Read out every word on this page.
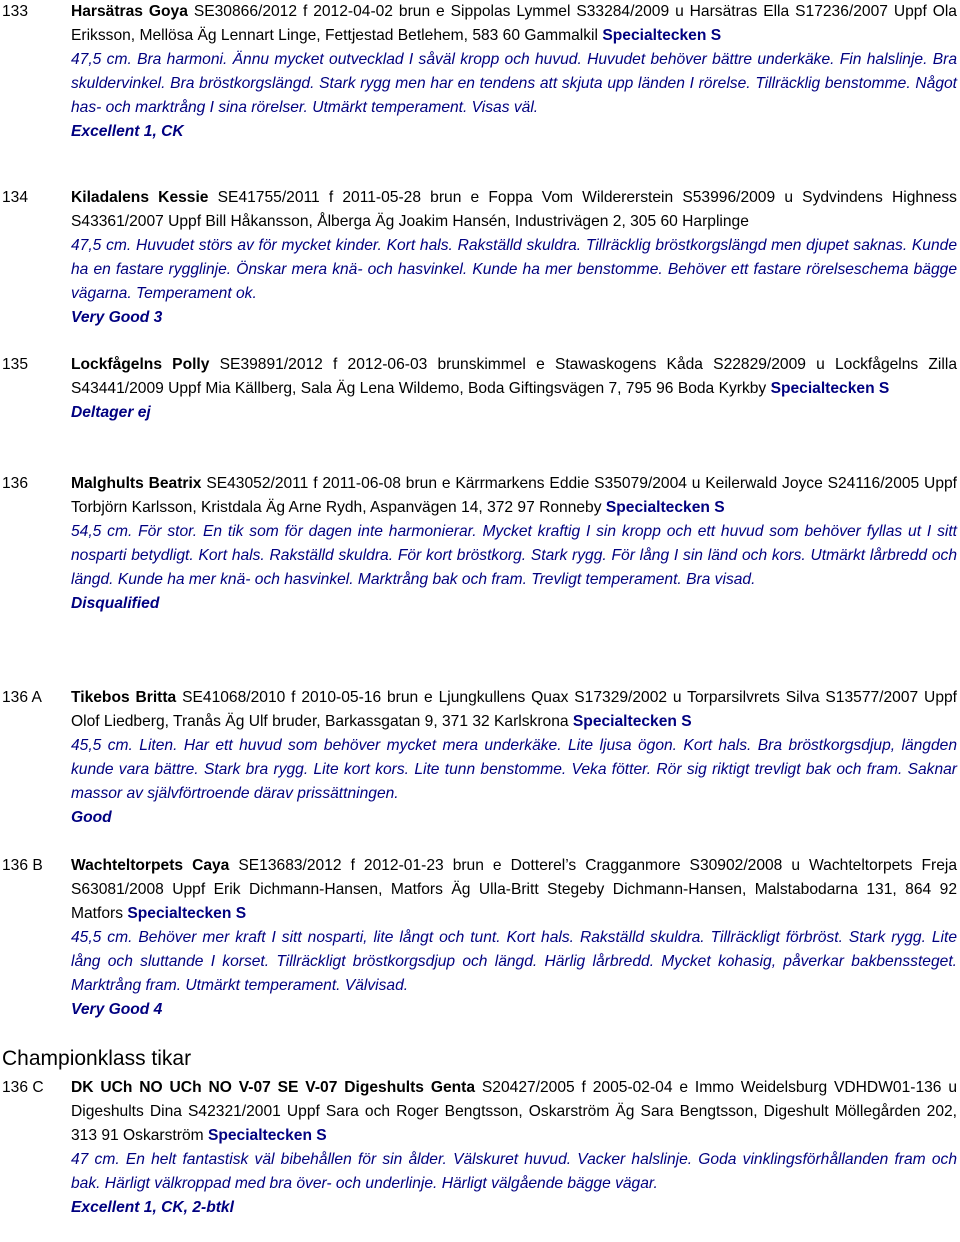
133	Harsätras Goya SE30866/2012 f 2012-04-02 brun e Sippolas Lymmel S33284/2009 u Harsätras Ella S17236/2007 Uppf Ola Eriksson, Mellösa Äg Lennart Linge, Fettjestad Betlehem, 583 60 Gammalkil Specialtecken S

47,5 cm. Bra harmoni. Ännu mycket outvecklad I såväl kropp och huvud. Huvudet behöver bättre underkäke. Fin halslinje. Bra skuldervinkel. Bra bröstkorgslängd. Stark rygg men har en tendens att skjuta upp länden I rörelse. Tillräcklig benstomme. Något has- och marktrång I sina rörelser. Utmärkt temperament. Visas väl.

Excellent 1, CK

134	Kiladalens Kessie SE41755/2011 f 2011-05-28 brun e Foppa Vom Wildererstein S53996/2009 u Sydvindens Highness S43361/2007 Uppf Bill Håkansson, Ålberga Äg Joakim Hansén, Industrivägen 2, 305 60 Harplinge

47,5 cm. Huvudet störs av för mycket kinder. Kort hals. Rakställd skuldra. Tillräcklig bröstkorgslängd men djupet saknas. Kunde ha en fastare rygglinje. Önskar mera knä- och hasvinkel. Kunde ha mer benstomme. Behöver ett fastare rörelseschema bägge vägarna. Temperament ok.

Very Good 3

135	Lockfågelns Polly SE39891/2012 f 2012-06-03 brunskimmel e Stawaskogens Kåda S22829/2009 u Lockfågelns Zilla S43441/2009 Uppf Mia Källberg, Sala Äg Lena Wildemo, Boda Giftingsvägen 7, 795 96 Boda Kyrkby Specialtecken S

Deltager ej

136	Malghults Beatrix SE43052/2011 f 2011-06-08 brun e Kärrmarkens Eddie S35079/2004 u Keilerwald Joyce S24116/2005 Uppf Torbjörn Karlsson, Kristdala Äg Arne Rydh, Aspanvägen 14, 372 97 Ronneby Specialtecken S

54,5 cm. För stor. En tik som för dagen inte harmonierar. Mycket kraftig I sin kropp och ett huvud som behöver fyllas ut I sitt nosparti betydligt. Kort hals. Rakställd skuldra. För kort bröstkorg. Stark rygg. För lång I sin länd och kors. Utmärkt lårbredd och längd. Kunde ha mer knä- och hasvinkel. Marktrång bak och fram. Trevligt temperament. Bra visad.

Disqualified

136 A	Tikebos Britta SE41068/2010 f 2010-05-16 brun e Ljungkullens Quax S17329/2002 u Torparsilvrets Silva S13577/2007 Uppf Olof Liedberg, Tranås Äg Ulf bruder, Barkassgatan 9, 371 32 Karlskrona Specialtecken S

45,5 cm. Liten. Har ett huvud som behöver mycket mera underkäke. Lite ljusa ögon. Kort hals. Bra bröstkorgsdjup, längden kunde vara bättre. Stark bra rygg. Lite kort kors. Lite tunn benstomme. Veka fötter. Rör sig riktigt trevligt bak och fram. Saknar massor av självförtroende därav prissättningen.

Good

136 B	Wachteltorpets Caya SE13683/2012 f 2012-01-23 brun e Dotterel’s Cragganmore S30902/2008 u Wachteltorpets Freja S63081/2008 Uppf Erik Dichmann-Hansen, Matfors Äg Ulla-Britt Stegeby Dichmann-Hansen, Malstabodarna 131, 864 92 Matfors Specialtecken S

45,5 cm. Behöver mer kraft I sitt nosparti, lite långt och tunt. Kort hals. Rakställd skuldra. Tillräckligt förbröst. Stark rygg. Lite lång och sluttande I korset. Tillräckligt bröstkorgsdjup och längd. Härlig lårbredd. Mycket kohasig, påverkar bakbenssteget. Marktrång fram. Utmärkt temperament. Välvisad.

Very Good 4

Championklass tikar
136 C	DK UCh NO UCh NO V-07 SE V-07 Digeshults Genta S20427/2005 f 2005-02-04 e Immo Weidelsburg VDHDW01-136 u Digeshults Dina S42321/2001 Uppf Sara och Roger Bengtsson, Oskarström Äg Sara Bengtsson, Digeshult Möllegården 202, 313 91 Oskarström Specialtecken S

47 cm. En helt fantastisk väl bibehållen för sin ålder. Välskuret huvud. Vacker halslinje. Goda vinklingsförhållanden fram och bak. Härligt välkroppad med bra över- och underlinje. Härligt välgående bägge vägar.

Excellent 1, CK, 2-btkl
